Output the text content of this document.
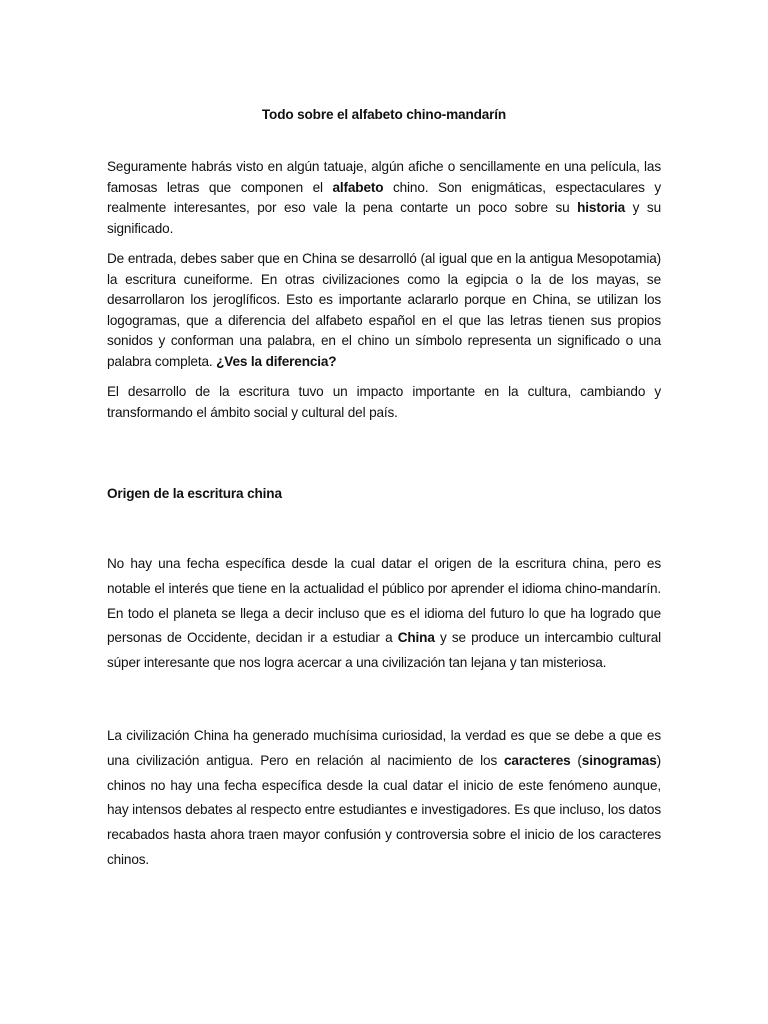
Todo sobre el alfabeto chino-mandarín

Seguramente habrás visto en algún tatuaje, algún afiche o sencillamente en una película, las famosas letras que componen el alfabeto chino. Son enigmáticas, espectaculares y realmente interesantes, por eso vale la pena contarte un poco sobre su historia y su significado.

De entrada, debes saber que en China se desarrolló (al igual que en la antigua Mesopotamia) la escritura cuneiforme. En otras civilizaciones como la egipcia o la de los mayas, se desarrollaron los jeroglíficos. Esto es importante aclararlo porque en China, se utilizan los logogramas, que a diferencia del alfabeto español en el que las letras tienen sus propios sonidos y conforman una palabra, en el chino un símbolo representa un significado o una palabra completa. ¿Ves la diferencia?

El desarrollo de la escritura tuvo un impacto importante en la cultura, cambiando y transformando el ámbito social y cultural del país.

Origen de la escritura china

No hay una fecha específica desde la cual datar el origen de la escritura china, pero es notable el interés que tiene en la actualidad el público por aprender el idioma chino-mandarín. En todo el planeta se llega a decir incluso que es el idioma del futuro lo que ha logrado que personas de Occidente, decidan ir a estudiar a China y se produce un intercambio cultural súper interesante que nos logra acercar a una civilización tan lejana y tan misteriosa.

La civilización China ha generado muchísima curiosidad, la verdad es que se debe a que es una civilización antigua. Pero en relación al nacimiento de los caracteres (sinogramas) chinos no hay una fecha específica desde la cual datar el inicio de este fenómeno aunque, hay intensos debates al respecto entre estudiantes e investigadores. Es que incluso, los datos recabados hasta ahora traen mayor confusión y controversia sobre el inicio de los caracteres chinos.
